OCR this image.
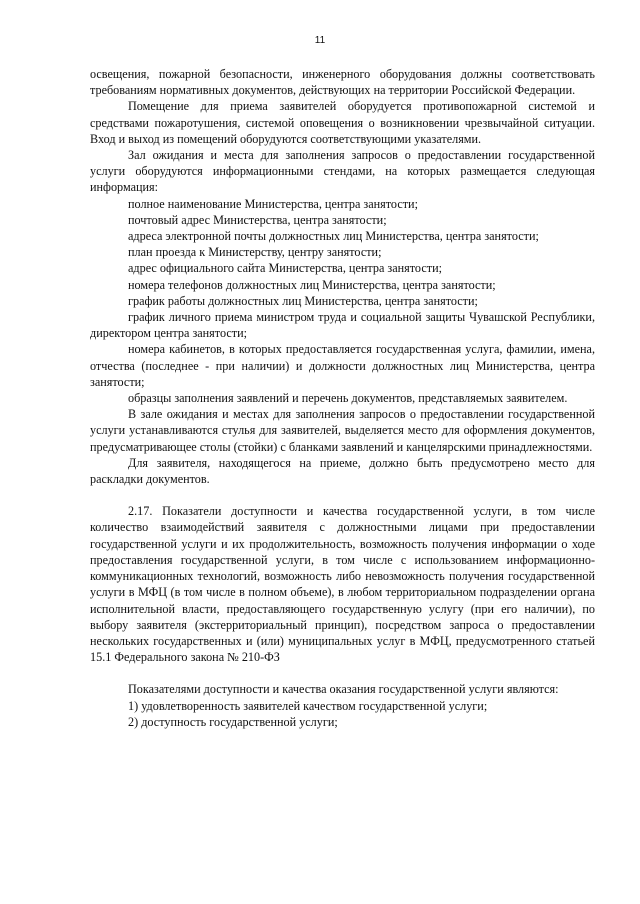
11

освещения, пожарной безопасности, инженерного оборудования должны соответствовать требованиям нормативных документов, действующих на территории Российской Федерации.

Помещение для приема заявителей оборудуется противопожарной системой и средствами пожаротушения, системой оповещения о возникновении чрезвычайной ситуации. Вход и выход из помещений оборудуются соответствующими указателями.

Зал ожидания и места для заполнения запросов о предоставлении государственной услуги оборудуются информационными стендами, на которых размещается следующая информация:

полное наименование Министерства, центра занятости;

почтовый адрес Министерства, центра занятости;

адреса электронной почты должностных лиц Министерства, центра занятости;

план проезда к Министерству, центру занятости;

адрес официального сайта Министерства, центра занятости;

номера телефонов должностных лиц Министерства, центра занятости;

график работы должностных лиц Министерства, центра занятости;

график личного приема министром труда и социальной защиты Чувашской Республики, директором центра занятости;

номера кабинетов, в которых предоставляется государственная услуга, фамилии, имена, отчества (последнее - при наличии) и должности должностных лиц Министерства, центра занятости;

образцы заполнения заявлений и перечень документов, представляемых заявителем.

В зале ожидания и местах для заполнения запросов о предоставлении государственной услуги устанавливаются стулья для заявителей, выделяется место для оформления документов, предусматривающее столы (стойки) с бланками заявлений и канцелярскими принадлежностями.

Для заявителя, находящегося на приеме, должно быть предусмотрено место для раскладки документов.

2.17. Показатели доступности и качества государственной услуги, в том числе количество взаимодействий заявителя с должностными лицами при предоставлении государственной услуги и их продолжительность, возможность получения информации о ходе предоставления государственной услуги, в том числе с использованием информационно-коммуникационных технологий, возможность либо невозможность получения государственной услуги в МФЦ (в том числе в полном объеме), в любом территориальном подразделении органа исполнительной власти, предоставляющего государственную услугу (при его наличии), по выбору заявителя (экстерриториальный принцип), посредством запроса о предоставлении нескольких государственных и (или) муниципальных услуг в МФЦ, предусмотренного статьей 15.1 Федерального закона № 210-ФЗ

Показателями доступности и качества оказания государственной услуги являются:

1) удовлетворенность заявителей качеством государственной услуги;

2) доступность государственной услуги;
